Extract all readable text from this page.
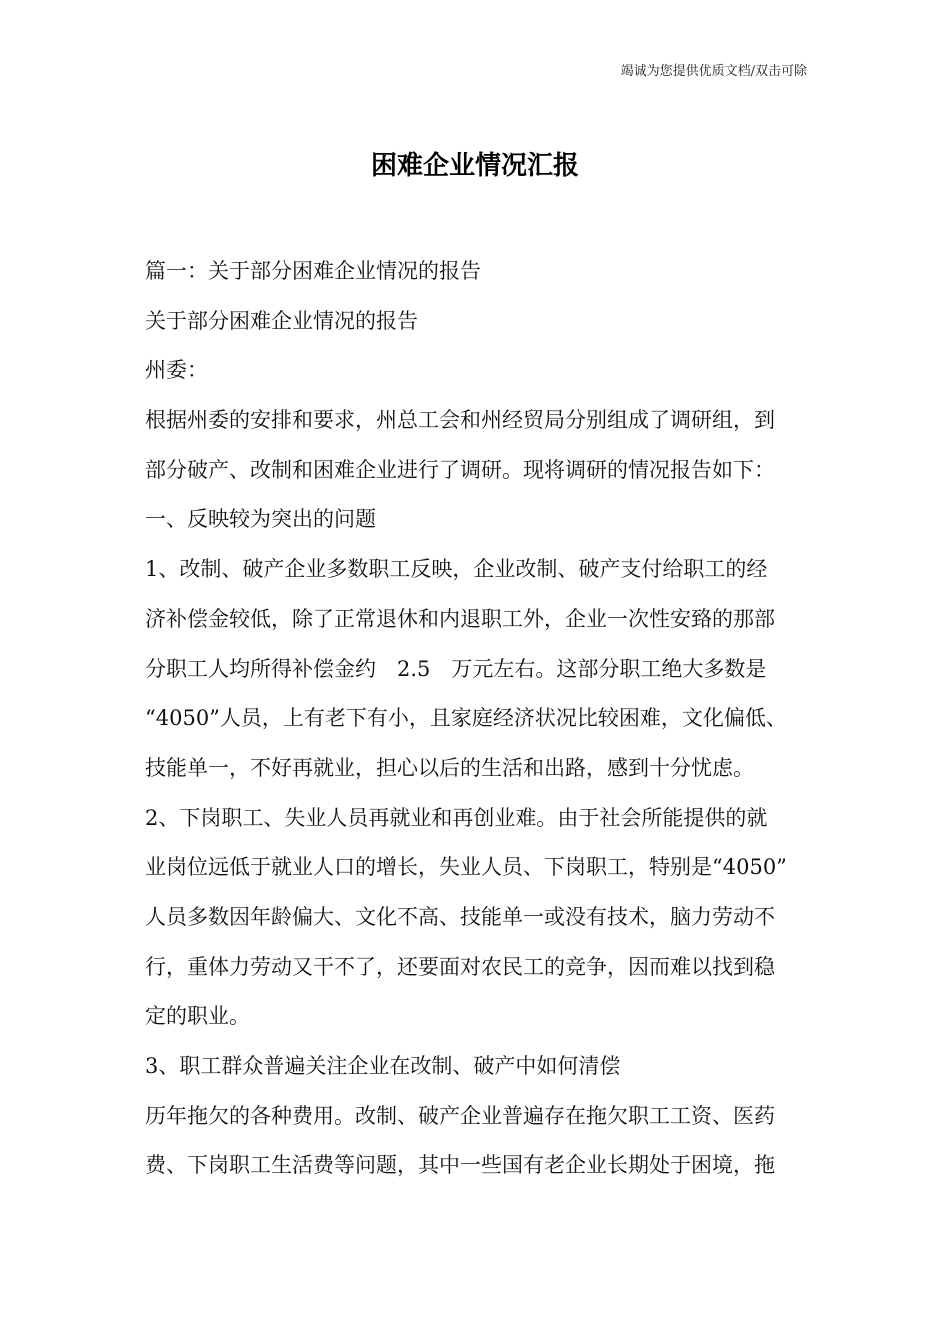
竭诚为您提供优质文档/双击可除
困难企业情况汇报
篇一：关于部分困难企业情况的报告
关于部分困难企业情况的报告
州委：
根据州委的安排和要求，州总工会和州经贸局分别组成了调研组，到
部分破产、改制和困难企业进行了调研。现将调研的情况报告如下：
一、反映较为突出的问题
1、改制、破产企业多数职工反映，企业改制、破产支付给职工的经
济补偿金较低，除了正常退休和内退职工外，企业一次性安臵的那部
分职工人均所得补偿金约　2.5　万元左右。这部分职工绝大多数是
“4050”人员，上有老下有小，且家庭经济状况比较困难，文化偏低、
技能单一，不好再就业，担心以后的生活和出路，感到十分忧虑。
2、下岗职工、失业人员再就业和再创业难。由于社会所能提供的就
业岗位远低于就业人口的增长，失业人员、下岗职工，特别是“4050”
人员多数因年龄偏大、文化不高、技能单一或没有技术，脑力劳动不
行，重体力劳动又干不了，还要面对农民工的竞争，因而难以找到稳
定的职业。
3、职工群众普遍关注企业在改制、破产中如何清偿
历年拖欠的各种费用。改制、破产企业普遍存在拖欠职工工资、医药
费、下岗职工生活费等问题，其中一些国有老企业长期处于困境，拖
